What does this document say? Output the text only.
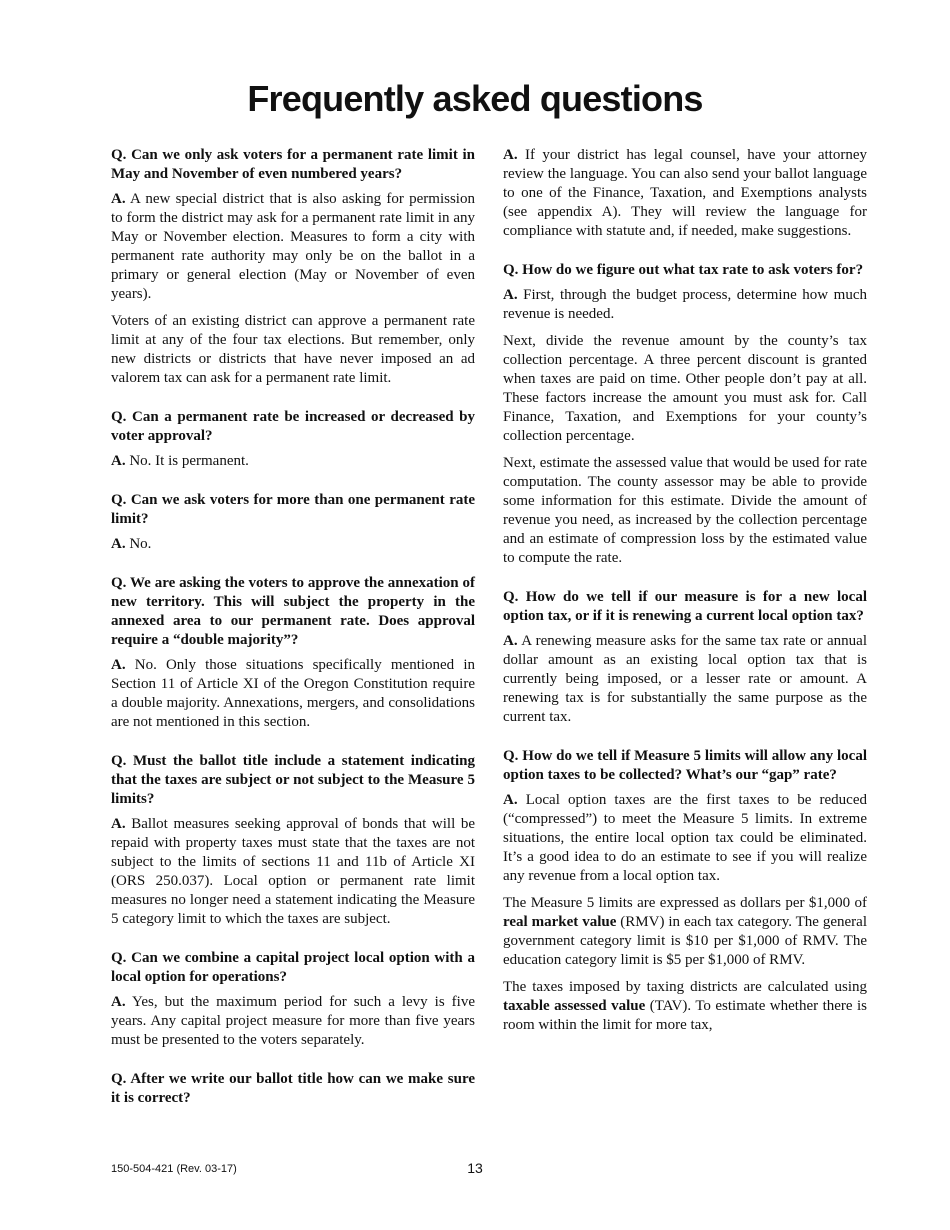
Frequently asked questions

Q. Can we only ask voters for a permanent rate limit in May and November of even numbered years?

A. A new special district that is also asking for permission to form the district may ask for a permanent rate limit in any May or November election. Measures to form a city with permanent rate authority may only be on the ballot in a primary or general election (May or November of even years).

Voters of an existing district can approve a permanent rate limit at any of the four tax elections. But remember, only new districts or districts that have never imposed an ad valorem tax can ask for a permanent rate limit.

Q. Can a permanent rate be increased or decreased by voter approval?

A. No. It is permanent.

Q. Can we ask voters for more than one permanent rate limit?

A. No.

Q. We are asking the voters to approve the annexation of new territory. This will subject the property in the annexed area to our permanent rate. Does approval require a “double majority”?

A. No. Only those situations specifically mentioned in Section 11 of Article XI of the Oregon Constitution require a double majority. Annexations, mergers, and consolidations are not mentioned in this section.

Q. Must the ballot title include a statement indicating that the taxes are subject or not subject to the Measure 5 limits?

A. Ballot measures seeking approval of bonds that will be repaid with property taxes must state that the taxes are not subject to the limits of sections 11 and 11b of Article XI (ORS 250.037). Local option or permanent rate limit measures no longer need a statement indicating the Measure 5 category limit to which the taxes are subject.

Q. Can we combine a capital project local option with a local option for operations?

A. Yes, but the maximum period for such a levy is five years. Any capital project measure for more than five years must be presented to the voters separately.

Q. After we write our ballot title how can we make sure it is correct?

A. If your district has legal counsel, have your attorney review the language. You can also send your ballot language to one of the Finance, Taxation, and Exemptions analysts (see appendix A). They will review the language for compliance with statute and, if needed, make suggestions.

Q. How do we figure out what tax rate to ask voters for?

A. First, through the budget process, determine how much revenue is needed.

Next, divide the revenue amount by the county’s tax collection percentage. A three percent discount is granted when taxes are paid on time. Other people don’t pay at all. These factors increase the amount you must ask for. Call Finance, Taxation, and Exemptions for your county’s collection percentage.

Next, estimate the assessed value that would be used for rate computation. The county assessor may be able to provide some information for this estimate. Divide the amount of revenue you need, as increased by the collection percentage and an estimate of compression loss by the estimated value to compute the rate.

Q. How do we tell if our measure is for a new local option tax, or if it is renewing a current local option tax?

A. A renewing measure asks for the same tax rate or annual dollar amount as an existing local option tax that is currently being imposed, or a lesser rate or amount. A renewing tax is for substantially the same purpose as the current tax.

Q. How do we tell if Measure 5 limits will allow any local option taxes to be collected? What’s our “gap” rate?

A. Local option taxes are the first taxes to be reduced (“compressed”) to meet the Measure 5 limits. In extreme situations, the entire local option tax could be eliminated. It’s a good idea to do an estimate to see if you will realize any revenue from a local option tax.

The Measure 5 limits are expressed as dollars per $1,000 of real market value (RMV) in each tax category. The general government category limit is $10 per $1,000 of RMV. The education category limit is $5 per $1,000 of RMV.

The taxes imposed by taxing districts are calculated using taxable assessed value (TAV). To estimate whether there is room within the limit for more tax,

150-504-421 (Rev. 03-17)	13
